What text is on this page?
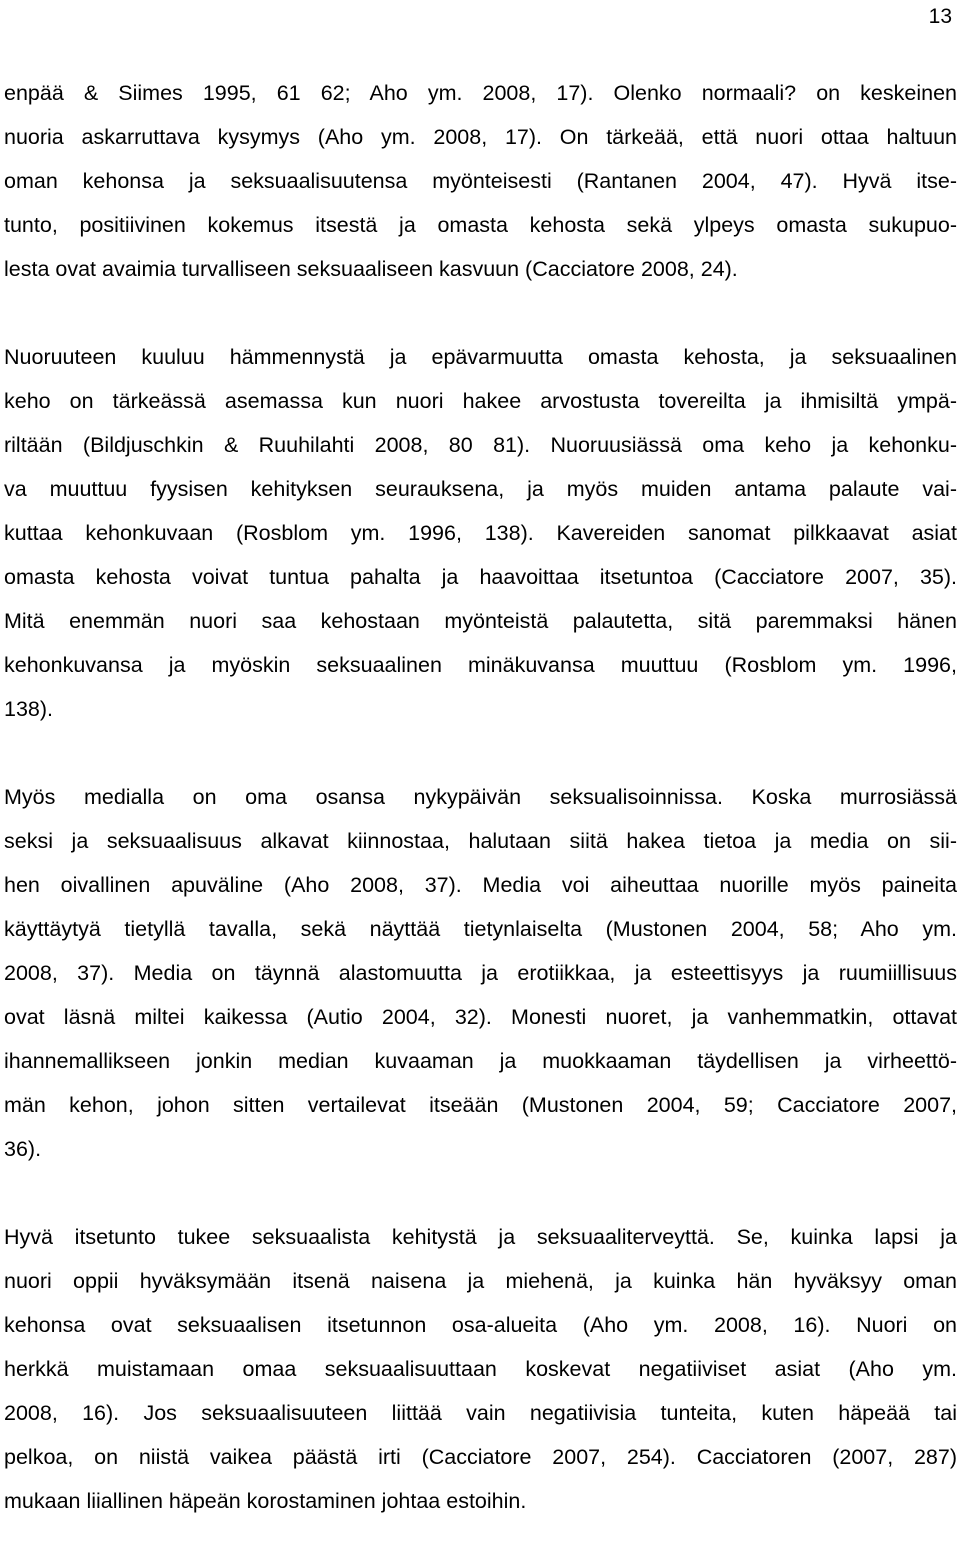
13
enpää & Siimes 1995, 61 62; Aho ym. 2008, 17). Olenko normaali? on keskeinen
nuoria askarruttava kysymys (Aho ym. 2008, 17). On tärkeää, että nuori ottaa haltuun
oman kehonsa ja seksuaalisuutensa myönteisesti (Rantanen 2004, 47). Hyvä itse-
tunto, positiivinen kokemus itsestä ja omasta kehosta sekä ylpeys omasta sukupuo-
lesta ovat avaimia turvalliseen seksuaaliseen kasvuun (Cacciatore 2008, 24).
Nuoruuteen kuuluu hämmennystä ja epävarmuutta omasta kehosta, ja seksuaalinen
keho on tärkeässä asemassa kun nuori hakee arvostusta tovereilta ja ihmisiltä ympä-
riltään (Bildjuschkin & Ruuhilahti 2008, 80 81). Nuoruusiässä oma keho ja kehonku-
va muuttuu fyysisen kehityksen seurauksena, ja myös muiden antama palaute vai-
kuttaa kehonkuvaan (Rosblom ym. 1996, 138). Kavereiden sanomat pilkkaavat asiat
omasta kehosta voivat tuntua pahalta ja haavoittaa itsetuntoa (Cacciatore 2007, 35).
Mitä enemmän nuori saa kehostaan myönteistä palautetta, sitä paremmaksi hänen
kehonkuvansa ja myöskin seksuaalinen minäkuvansa muuttuu (Rosblom ym. 1996,
138).
Myös medialla on oma osansa nykypäivän seksualisoinnissa. Koska murrosiässä
seksi ja seksuaalisuus alkavat kiinnostaa, halutaan siitä hakea tietoa ja media on sii-
hen oivallinen apuväline (Aho 2008, 37). Media voi aiheuttaa nuorille myös paineita
käyttäytyä tietyllä tavalla, sekä näyttää tietynlaiselta (Mustonen 2004, 58; Aho ym.
2008, 37). Media on täynnä alastomuutta ja erotiikkaa, ja esteettisyys ja ruumiillisuus
ovat läsnä miltei kaikessa (Autio 2004, 32). Monesti nuoret, ja vanhemmatkin, ottavat
ihannemallikseen jonkin median kuvaaman ja muokkaaman täydellisen ja virheettö-
män kehon, johon sitten vertailevat itseään (Mustonen 2004, 59; Cacciatore 2007,
36).
Hyvä itsetunto tukee seksuaalista kehitystä ja seksuaaliterveyttä. Se, kuinka lapsi ja
nuori oppii hyväksymään itsenä naisena ja miehenä, ja kuinka hän hyväksyy oman
kehonsa ovat seksuaalisen itsetunnon osa-alueita (Aho ym. 2008, 16). Nuori on
herkkä muistamaan omaa seksuaalisuuttaan koskevat negatiiviset asiat (Aho ym.
2008, 16). Jos seksuaalisuuteen liittää vain negatiivisia tunteita, kuten häpeää tai
pelkoa, on niistä vaikea päästä irti (Cacciatore 2007, 254). Cacciatoren (2007, 287)
mukaan liiallinen häpeän korostaminen johtaa estoihin.
